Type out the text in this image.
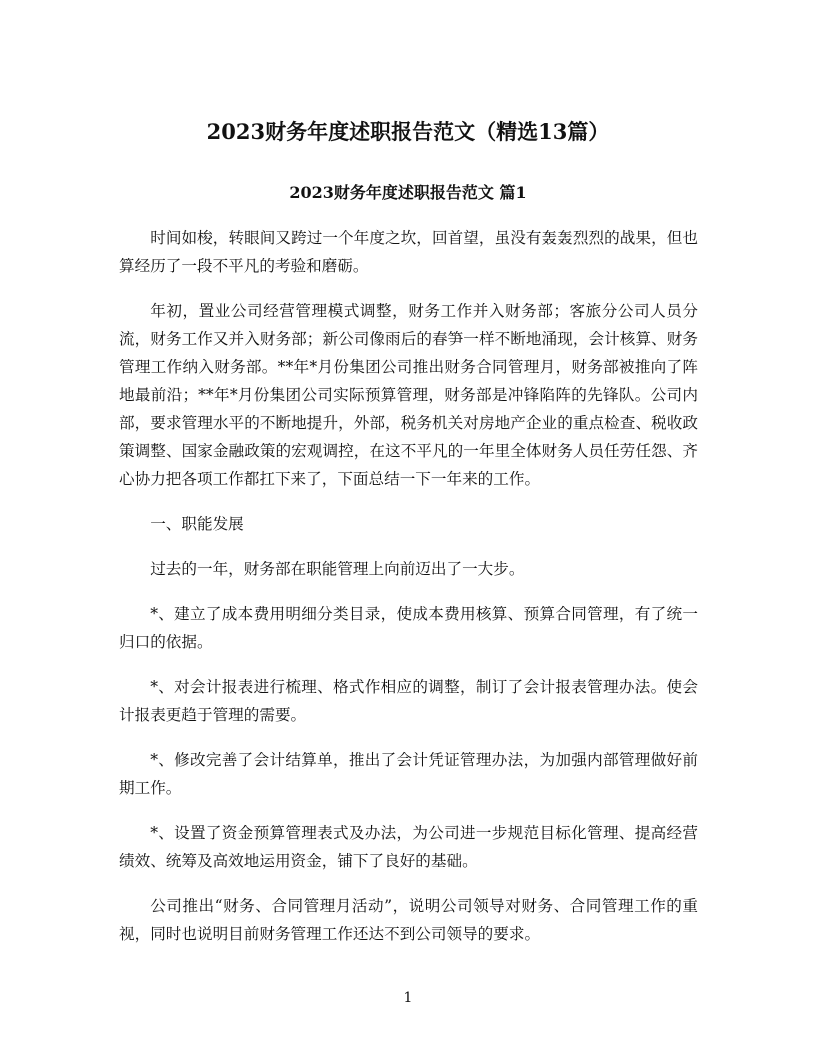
2023财务年度述职报告范文（精选13篇）
2023财务年度述职报告范文 篇1

时间如梭，转眼间又跨过一个年度之坎，回首望，虽没有轰轰烈烈的战果，但也算经历了一段不平凡的考验和磨砺。

年初，置业公司经营管理模式调整，财务工作并入财务部；客旅分公司人员分流，财务工作又并入财务部；新公司像雨后的春笋一样不断地涌现，会计核算、财务管理工作纳入财务部。**年*月份集团公司推出财务合同管理月，财务部被推向了阵地最前沿；**年*月份集团公司实际预算管理，财务部是冲锋陷阵的先锋队。公司内部，要求管理水平的不断地提升，外部，税务机关对房地产企业的重点检查、税收政策调整、国家金融政策的宏观调控，在这不平凡的一年里全体财务人员任劳任怨、齐心协力把各项工作都扛下来了，下面总结一下一年来的工作。

一、职能发展

过去的一年，财务部在职能管理上向前迈出了一大步。

*、建立了成本费用明细分类目录，使成本费用核算、预算合同管理，有了统一归口的依据。

*、对会计报表进行梳理、格式作相应的调整，制订了会计报表管理办法。使会计报表更趋于管理的需要。

*、修改完善了会计结算单，推出了会计凭证管理办法，为加强内部管理做好前期工作。

*、设置了资金预算管理表式及办法，为公司进一步规范目标化管理、提高经营绩效、统筹及高效地运用资金，铺下了良好的基础。

公司推出“财务、合同管理月活动”，说明公司领导对财务、合同管理工作的重视，同时也说明目前财务管理工作还达不到公司领导的要求。

1
